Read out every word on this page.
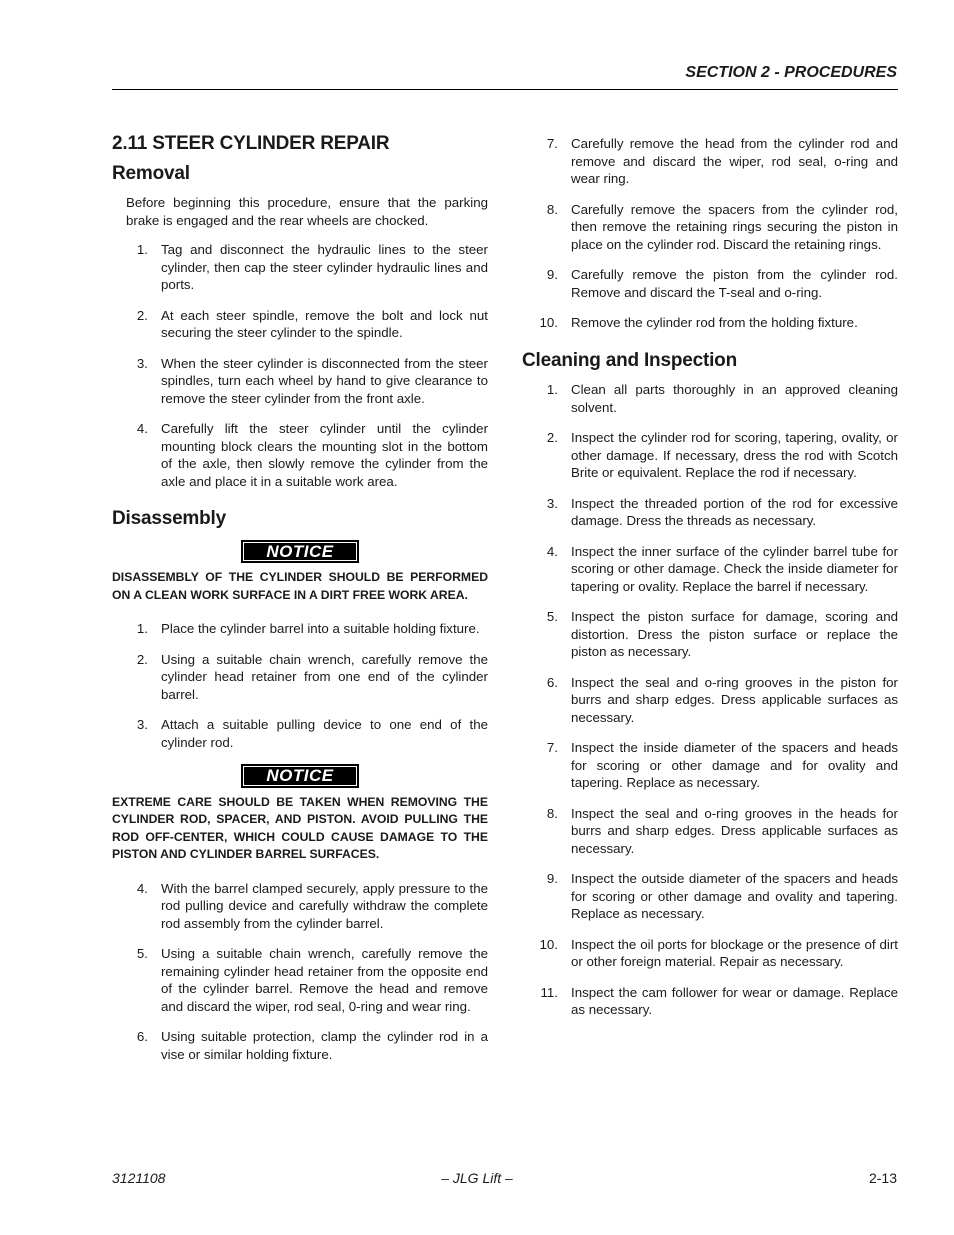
SECTION 2 - PROCEDURES
2.11 STEER CYLINDER REPAIR
Removal

Before beginning this procedure, ensure that the parking brake is engaged and the rear wheels are chocked.

1. Tag and disconnect the hydraulic lines to the steer cylinder, then cap the steer cylinder hydraulic lines and ports.
2. At each steer spindle, remove the bolt and lock nut securing the steer cylinder to the spindle.
3. When the steer cylinder is disconnected from the steer spindles, turn each wheel by hand to give clearance to remove the steer cylinder from the front axle.
4. Carefully lift the steer cylinder until the cylinder mounting block clears the mounting slot in the bottom of the axle, then slowly remove the cylinder from the axle and place it in a suitable work area.
Disassembly
NOTICE

DISASSEMBLY OF THE CYLINDER SHOULD BE PERFORMED ON A CLEAN WORK SURFACE IN A DIRT FREE WORK AREA.

1. Place the cylinder barrel into a suitable holding fixture.
2. Using a suitable chain wrench, carefully remove the cylinder head retainer from one end of the cylinder barrel.
3. Attach a suitable pulling device to one end of the cylinder rod.
NOTICE

EXTREME CARE SHOULD BE TAKEN WHEN REMOVING THE CYLINDER ROD, SPACER, AND PISTON. AVOID PULLING THE ROD OFF-CENTER, WHICH COULD CAUSE DAMAGE TO THE PISTON AND CYLINDER BARREL SURFACES.

4. With the barrel clamped securely, apply pressure to the rod pulling device and carefully withdraw the complete rod assembly from the cylinder barrel.
5. Using a suitable chain wrench, carefully remove the remaining cylinder head retainer from the opposite end of the cylinder barrel. Remove the head and remove and discard the wiper, rod seal, 0-ring and wear ring.
6. Using suitable protection, clamp the cylinder rod in a vise or similar holding fixture.
7. Carefully remove the head from the cylinder rod and remove and discard the wiper, rod seal, o-ring and wear ring.
8. Carefully remove the spacers from the cylinder rod, then remove the retaining rings securing the piston in place on the cylinder rod. Discard the retaining rings.
9. Carefully remove the piston from the cylinder rod. Remove and discard the T-seal and o-ring.
10. Remove the cylinder rod from the holding fixture.
Cleaning and Inspection
1. Clean all parts thoroughly in an approved cleaning solvent.
2. Inspect the cylinder rod for scoring, tapering, ovality, or other damage. If necessary, dress the rod with Scotch Brite or equivalent. Replace the rod if necessary.
3. Inspect the threaded portion of the rod for excessive damage. Dress the threads as necessary.
4. Inspect the inner surface of the cylinder barrel tube for scoring or other damage. Check the inside diameter for tapering or ovality. Replace the barrel if necessary.
5. Inspect the piston surface for damage, scoring and distortion. Dress the piston surface or replace the piston as necessary.
6. Inspect the seal and o-ring grooves in the piston for burrs and sharp edges. Dress applicable surfaces as necessary.
7. Inspect the inside diameter of the spacers and heads for scoring or other damage and for ovality and tapering. Replace as necessary.
8. Inspect the seal and o-ring grooves in the heads for burrs and sharp edges. Dress applicable surfaces as necessary.
9. Inspect the outside diameter of the spacers and heads for scoring or other damage and ovality and tapering. Replace as necessary.
10. Inspect the oil ports for blockage or the presence of dirt or other foreign material. Repair as necessary.
11. Inspect the cam follower for wear or damage. Replace as necessary.
3121108	– JLG Lift –	2-13
